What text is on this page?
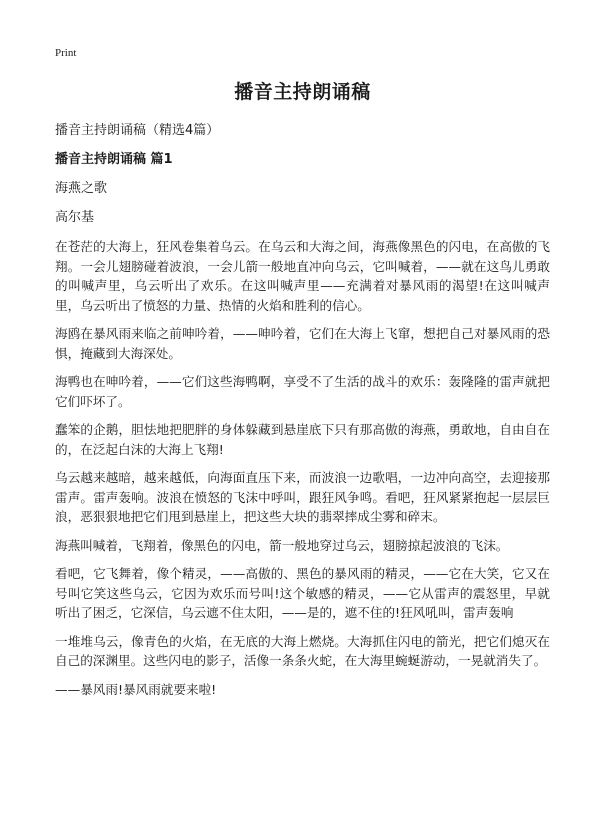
Print
播音主持朗诵稿
播音主持朗诵稿（精选4篇）
播音主持朗诵稿 篇1
海燕之歌
高尔基

在苍茫的大海上，狂风卷集着乌云。在乌云和大海之间，海燕像黑色的闪电，在高傲的飞翔。一会儿翅膀碰着波浪，一会儿箭一般地直冲向乌云，它叫喊着，——就在这鸟儿勇敢的叫喊声里，乌云听出了欢乐。在这叫喊声里——充满着对暴风雨的渴望!在这叫喊声里，乌云听出了愤怒的力量、热情的火焰和胜利的信心。

海鸥在暴风雨来临之前呻吟着，——呻吟着，它们在大海上飞窜，想把自己对暴风雨的恐惧，掩藏到大海深处。

海鸭也在呻吟着，——它们这些海鸭啊，享受不了生活的战斗的欢乐：轰隆隆的雷声就把它们吓坏了。

蠢笨的企鹅，胆怯地把肥胖的身体躲藏到悬崖底下只有那高傲的海燕，勇敢地，自由自在的，在泛起白沫的大海上飞翔!

乌云越来越暗，越来越低，向海面直压下来，而波浪一边歌唱，一边冲向高空，去迎接那雷声。雷声轰响。波浪在愤怒的飞沫中呼叫，跟狂风争鸣。看吧，狂风紧紧抱起一层层巨浪，恶狠狠地把它们甩到悬崖上，把这些大块的翡翠摔成尘雾和碎末。

海燕叫喊着，飞翔着，像黑色的闪电，箭一般地穿过乌云，翅膀掠起波浪的飞沫。

看吧，它飞舞着，像个精灵，——高傲的、黑色的暴风雨的精灵，——它在大笑，它又在号叫它笑这些乌云，它因为欢乐而号叫!这个敏感的精灵，——它从雷声的震怒里，早就听出了困乏，它深信，乌云遮不住太阳，——是的，遮不住的!狂风吼叫，雷声轰响

一堆堆乌云，像青色的火焰，在无底的大海上燃烧。大海抓住闪电的箭光，把它们熄灭在自己的深渊里。这些闪电的影子，活像一条条火蛇，在大海里蜿蜒游动，一晃就消失了。

——暴风雨!暴风雨就要来啦!
